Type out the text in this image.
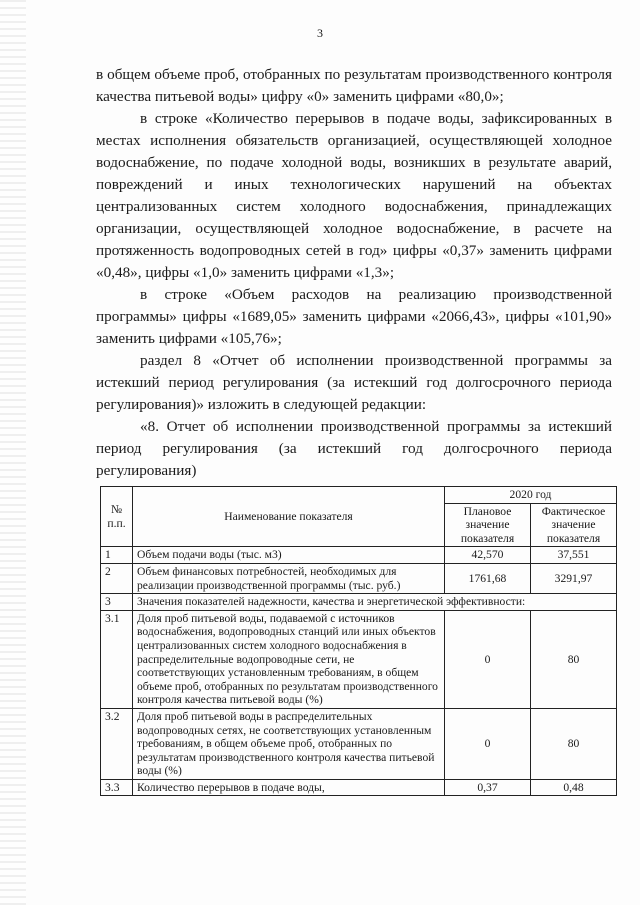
3

в общем объеме проб, отобранных по результатам производственного контроля качества питьевой воды» цифру «0» заменить цифрами «80,0»;

в строке «Количество перерывов в подаче воды, зафиксированных в местах исполнения обязательств организацией, осуществляющей холодное водоснабжение, по подаче холодной воды, возникших в результате аварий, повреждений и иных технологических нарушений на объектах централизованных систем холодного водоснабжения, принадлежащих организации, осуществляющей холодное водоснабжение, в расчете на протяженность водопроводных сетей в год» цифры «0,37» заменить цифрами «0,48», цифры «1,0» заменить цифрами «1,3»;

в строке «Объем расходов на реализацию производственной программы» цифры «1689,05» заменить цифрами «2066,43», цифры «101,90» заменить цифрами «105,76»;

раздел 8 «Отчет об исполнении производственной программы за истекший период регулирования (за истекший год долгосрочного периода регулирования)» изложить в следующей редакции:

«8. Отчет об исполнении производственной программы за истекший период регулирования (за истекший год долгосрочного периода регулирования)

№ п.п.	Наименование показателя	2020 год	
		Плановое значение показателя	Фактическое значение показателя
1	Объем подачи воды (тыс. м3)	42,570	37,551
2	Объем финансовых потребностей, необходимых для реализации производственной программы (тыс. руб.)	1761,68	3291,97
3	Значения показателей надежности, качества и энергетической эффективности:		
3.1	Доля проб питьевой воды, подаваемой с источников водоснабжения, водопроводных станций или иных объектов централизованных систем холодного водоснабжения в распределительные водопроводные сети, не соответствующих установленным требованиям, в общем объеме проб, отобранных по результатам производственного контроля качества питьевой воды (%)	0	80
3.2	Доля проб питьевой воды в распределительных водопроводных сетях, не соответствующих установленным требованиям, в общем объеме проб, отобранных по результатам производственного контроля качества питьевой воды (%)	0	80
3.3	Количество перерывов в подаче воды,	0,37	0,48
